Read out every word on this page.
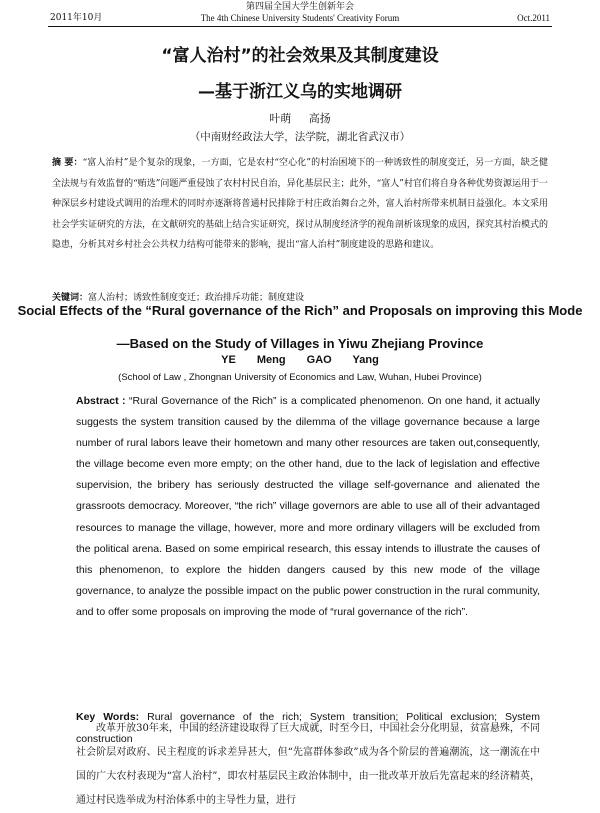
第四届全国大学生创新年会
2011年10月	The 4th Chinese University Students' Creativity Forum	Oct.2011
“富人治村”的社会效果及其制度建设
—基于浙江义乌的实地调研
叶萌 高扬
（中南财经政法大学，法学院，湖北省武汉市）
摘 要：“富人治村”是个复杂的现象，一方面，它是农村“空心化”的村治困境下的一种诱致性的制度变迁，另一方面，缺乏健全法规与有效监督的“贿选”问题严重侵蚀了农村村民自治，异化基层民主；此外，“富人”村官们将自身各种优势资源运用于一种深层乡村建设式调用的治理术的同时亦逐渐将普通村民排除于村庄政治舞台之外，富人治村所带来机制日益强化。本文采用社会学实证研究的方法，在文献研究的基础上结合实证研究，探讨从制度经济学的视角剖析该现象的成因，探究其村治模式的隐患，分析其对乡村社会公共权力结构可能带来的影响，提出“富人治村”制度建设的思路和建议。
关键词：富人治村；诱致性制度变迁；政治排斥功能；制度建设
Social Effects of the “Rural governance of the Rich” and Proposals on improving this Mode
—Based on the Study of Villages in Yiwu Zhejiang Province
YE Meng GAO Yang
(School of Law , Zhongnan University of Economics and Law, Wuhan, Hubei Province)
Abstract : “Rural Governance of the Rich” is a complicated phenomenon. On one hand, it actually suggests the system transition caused by the dilemma of the village governance because a large number of rural labors leave their hometown and many other resources are taken out,consequently, the village become even more empty; on the other hand, due to the lack of legislation and effective supervision, the bribery has seriously destructed the village self-governance and alienated the grassroots democracy. Moreover, “the rich” village governors are able to use all of their advantaged resources to manage the village, however, more and more ordinary villagers will be excluded from the political arena. Based on some empirical research, this essay intends to illustrate the causes of this phenomenon, to explore the hidden dangers caused by this new mode of the village governance, to analyze the possible impact on the public power construction in the rural community, and to offer some proposals on improving the mode of “rural governance of the rich”.
Key Words: Rural governance of the rich; System transition; Political exclusion; System construction

改革开放30年来，中国的经济建设取得了巨大成就，时至今日，中国社会分化明显，贫富悬殊，不同社会阶层对政府、民主程度的诉求差异甚大，但“先富群体参政”成为各个阶层的普遍潮流，这一潮流在中国的广大农村表现为“富人治村”，即农村基层民主政治体制中，由一批改革开放后先富起来的经济精英，通过村民选举成为村治体系中的主导性力量，进行
